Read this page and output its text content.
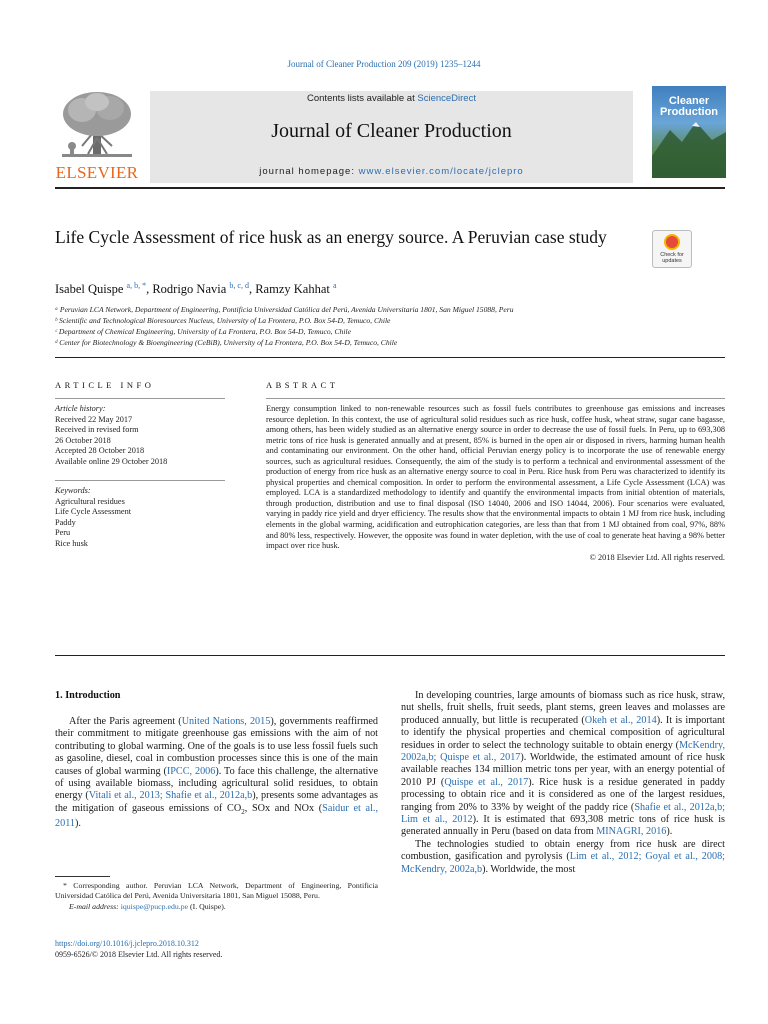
Journal of Cleaner Production 209 (2019) 1235–1244
ELSEVIER
Contents lists available at ScienceDirect
Journal of Cleaner Production
journal homepage: www.elsevier.com/locate/jclepro
Cleaner Production
Life Cycle Assessment of rice husk as an energy source. A Peruvian case study
Check for updates
Isabel Quispe $^{a, b, *}$, Rodrigo Navia $^{b, c, d}$, Ramzy Kahhat $^a$
ᵃ Peruvian LCA Network, Department of Engineering, Pontificia Universidad Católica del Perú, Avenida Universitaria 1801, San Miguel 15088, Peru
ᵇ Scientific and Technological Bioresources Nucleus, University of La Frontera, P.O. Box 54-D, Temuco, Chile
ᶜ Department of Chemical Engineering, University of La Frontera, P.O. Box 54-D, Temuco, Chile
ᵈ Center for Biotechnology & Bioengineering (CeBiB), University of La Frontera, P.O. Box 54-D, Temuco, Chile
ARTICLE INFO
Article history:
Received 22 May 2017
Received in revised form
26 October 2018
Accepted 28 October 2018
Available online 29 October 2018
Keywords:
Agricultural residues
Life Cycle Assessment
Paddy
Peru
Rice husk
ABSTRACT
Energy consumption linked to non-renewable resources such as fossil fuels contributes to greenhouse gas emissions and increases resource depletion. In this context, the use of agricultural solid residues such as rice husk, coffee husk, wheat straw, sugar cane bagasse, among others, has been widely studied as an alternative energy source in order to decrease the use of fossil fuels. In Peru, up to 693,308 metric tons of rice husk is generated annually and at present, 85% is burned in the open air or disposed in rivers, harming human health and contaminating our environment. On the other hand, official Peruvian energy policy is to incorporate the use of renewable energy sources, such as agricultural residues. Consequently, the aim of the study is to perform a technical and environmental assessment of the production of energy from rice husk as an alternative energy source to coal in Peru. Rice husk from Peru was characterized to identify its physical properties and chemical composition. In order to perform the environmental assessment, a Life Cycle Assessment (LCA) was employed. LCA is a standardized methodology to identify and quantify the environmental impacts from initial obtention of materials, through production, distribution and use to final disposal (ISO 14040, 2006 and ISO 14044, 2006). Four scenarios were evaluated, varying in paddy rice yield and dryer efficiency. The results show that the environmental impacts to obtain 1 MJ from rice husk, including elements in the global warming, acidification and eutrophication categories, are less than that from 1 MJ obtained from coal, 97%, 88% and 80% less, respectively. However, the opposite was found in water depletion, with the use of coal to generate heat having a 98% better impact over rice husk.
© 2018 Elsevier Ltd. All rights reserved.
1. Introduction

After the Paris agreement (United Nations, 2015), governments reaffirmed their commitment to mitigate greenhouse gas emissions with the aim of not contributing to global warming. One of the goals is to use less fossil fuels such as gasoline, diesel, coal in combustion processes since this is one of the main causes of global warming (IPCC, 2006). To face this challenge, the alternative of using available biomass, including agricultural solid residues, to obtain energy (Vitali et al., 2013; Shafie et al., 2012a,b), presents some advantages as the mitigation of gaseous emissions of $CO_2$, SOx and NOx (Saidur et al., 2011).

In developing countries, large amounts of biomass such as rice husk, straw, nut shells, fruit shells, fruit seeds, plant stems, green leaves and molasses are produced annually, but little is recuperated (Okeh et al., 2014). It is important to identify the physical properties and chemical composition of agricultural residues in order to select the technology suitable to obtain energy (McKendry, 2002a,b; Quispe et al., 2017). Worldwide, the estimated amount of rice husk available reaches 134 million metric tons per year, with an energy potential of 2010 PJ (Quispe et al., 2017). Rice husk is a residue generated in paddy processing to obtain rice and it is considered as one of the largest residues, ranging from 20% to 33% by weight of the paddy rice (Shafie et al., 2012a,b; Lim et al., 2012). It is estimated that 693,308 metric tons of rice husk is generated annually in Peru (based on data from MINAGRI, 2016).

The technologies studied to obtain energy from rice husk are direct combustion, gasification and pyrolysis (Lim et al., 2012; Goyal et al., 2008; McKendry, 2002a,b). Worldwide, the most

* Corresponding author. Peruvian LCA Network, Department of Engineering, Pontificia Universidad Católica del Perú, Avenida Universitaria 1801, San Miguel 15088, Peru.
E-mail address: iquispe@pucp.edu.pe (I. Quispe).
https://doi.org/10.1016/j.jclepro.2018.10.312
0959-6526/© 2018 Elsevier Ltd. All rights reserved.
